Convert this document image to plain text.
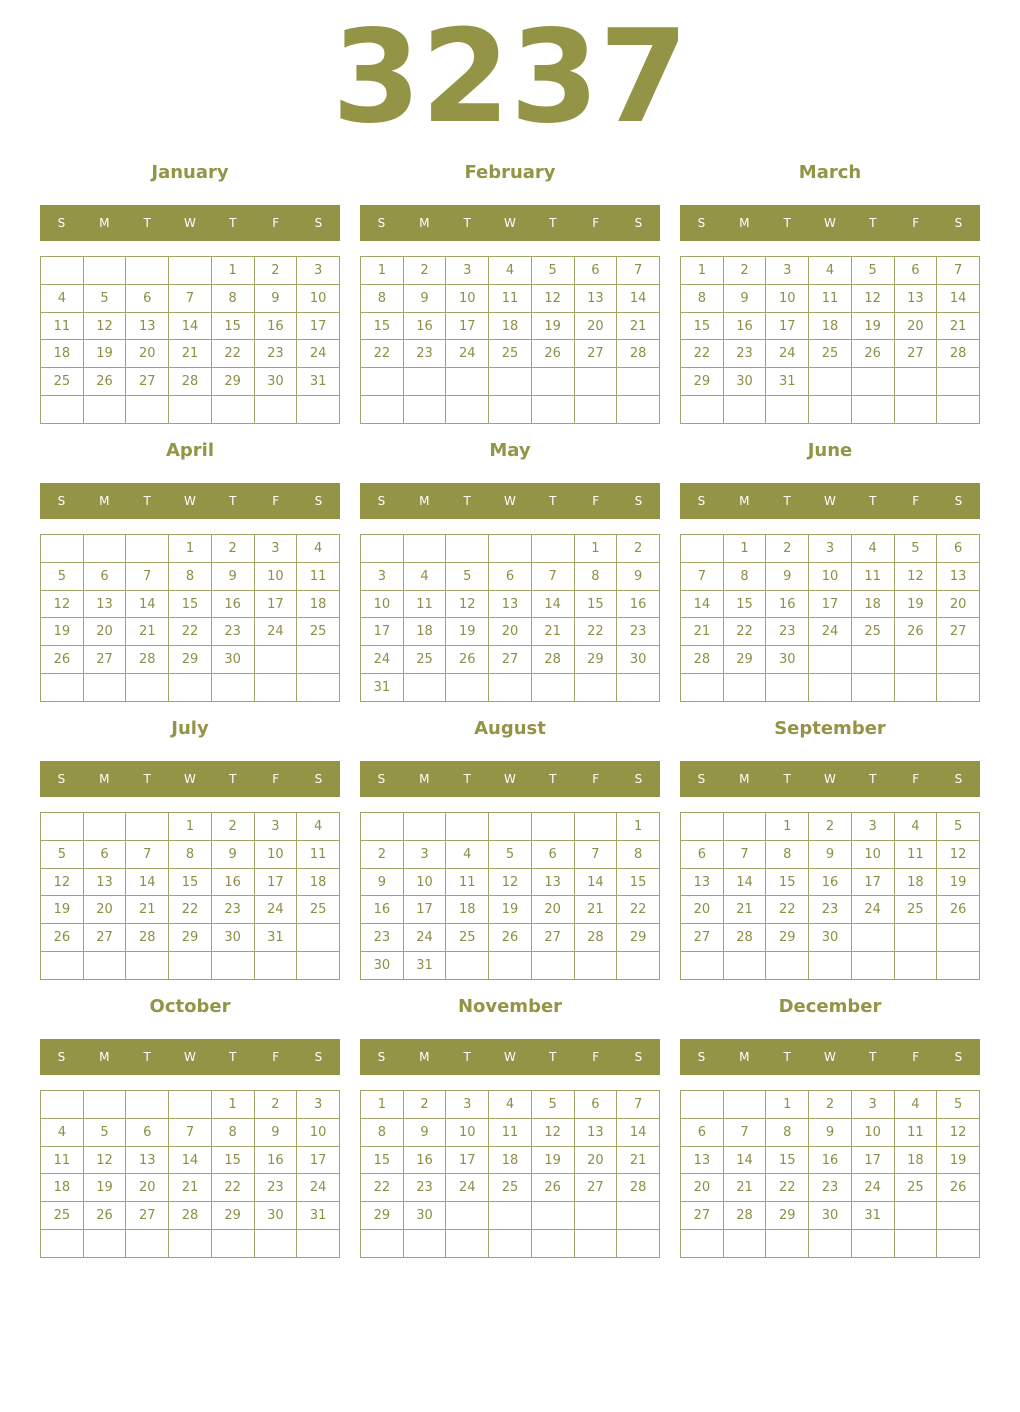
3237
January
S	M	T	W	T	F	S
				1	2	3
4	5	6	7	8	9	10
11	12	13	14	15	16	17
18	19	20	21	22	23	24
25	26	27	28	29	30	31

February
S	M	T	W	T	F	S
1	2	3	4	5	6	7
8	9	10	11	12	13	14
15	16	17	18	19	20	21
22	23	24	25	26	27	28

March
S	M	T	W	T	F	S
1	2	3	4	5	6	7
8	9	10	11	12	13	14
15	16	17	18	19	20	21
22	23	24	25	26	27	28
29	30	31				

April
S	M	T	W	T	F	S
			1	2	3	4
5	6	7	8	9	10	11
12	13	14	15	16	17	18
19	20	21	22	23	24	25
26	27	28	29	30		

May
S	M	T	W	T	F	S
					1	2
3	4	5	6	7	8	9
10	11	12	13	14	15	16
17	18	19	20	21	22	23
24	25	26	27	28	29	30
31						
June
S	M	T	W	T	F	S
	1	2	3	4	5	6
7	8	9	10	11	12	13
14	15	16	17	18	19	20
21	22	23	24	25	26	27
28	29	30				

July
S	M	T	W	T	F	S
			1	2	3	4
5	6	7	8	9	10	11
12	13	14	15	16	17	18
19	20	21	22	23	24	25
26	27	28	29	30	31	

August
S	M	T	W	T	F	S
						1
2	3	4	5	6	7	8
9	10	11	12	13	14	15
16	17	18	19	20	21	22
23	24	25	26	27	28	29
30	31					
September
S	M	T	W	T	F	S
		1	2	3	4	5
6	7	8	9	10	11	12
13	14	15	16	17	18	19
20	21	22	23	24	25	26
27	28	29	30			

October
S	M	T	W	T	F	S
				1	2	3
4	5	6	7	8	9	10
11	12	13	14	15	16	17
18	19	20	21	22	23	24
25	26	27	28	29	30	31

November
S	M	T	W	T	F	S
1	2	3	4	5	6	7
8	9	10	11	12	13	14
15	16	17	18	19	20	21
22	23	24	25	26	27	28
29	30					

December
S	M	T	W	T	F	S
		1	2	3	4	5
6	7	8	9	10	11	12
13	14	15	16	17	18	19
20	21	22	23	24	25	26
27	28	29	30	31		
